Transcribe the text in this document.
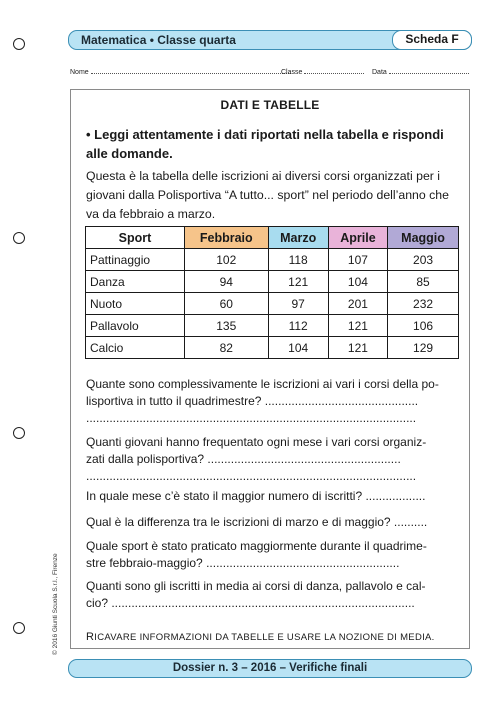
Matematica • Classe quarta	Scheda F
Nome	Classe	Data
DATI E TABELLE
• Leggi attentamente i dati riportati nella tabella e rispondi alle domande.
Questa è la tabella delle iscrizioni ai diversi corsi organizzati per i giovani dalla Polisportiva “A tutto... sport” nel periodo dell’anno che va da febbraio a marzo.
Sport	Febbraio	Marzo	Aprile	Maggio
Pattinaggio	102	118	107	203
Danza	94	121	104	85
Nuoto	60	97	201	232
Pallavolo	135	112	121	106
Calcio	82	104	121	129
Quante sono complessivamente le iscrizioni ai vari i corsi della po-
lisportiva in tutto il quadrimestre? ..............................................
...................................................................................................
Quanti giovani hanno frequentato ogni mese i vari corsi organiz-
zati dalla polisportiva? ..........................................................
...................................................................................................
In quale mese c’è stato il maggior numero di iscritti? ..................
Qual è la differenza tra le iscrizioni di marzo e di maggio? ..........
Quale sport è stato praticato maggiormente durante il quadrime-
stre febbraio-maggio? ..........................................................
Quanti sono gli iscritti in media ai corsi di danza, pallavolo e cal-
cio? ...........................................................................................
RICAVARE INFORMAZIONI DA TABELLE E USARE LA NOZIONE DI MEDIA.
© 2016 Giunti Scuola S.r.l., Firenze
Dossier n. 3 – 2016 – Verifiche finali
